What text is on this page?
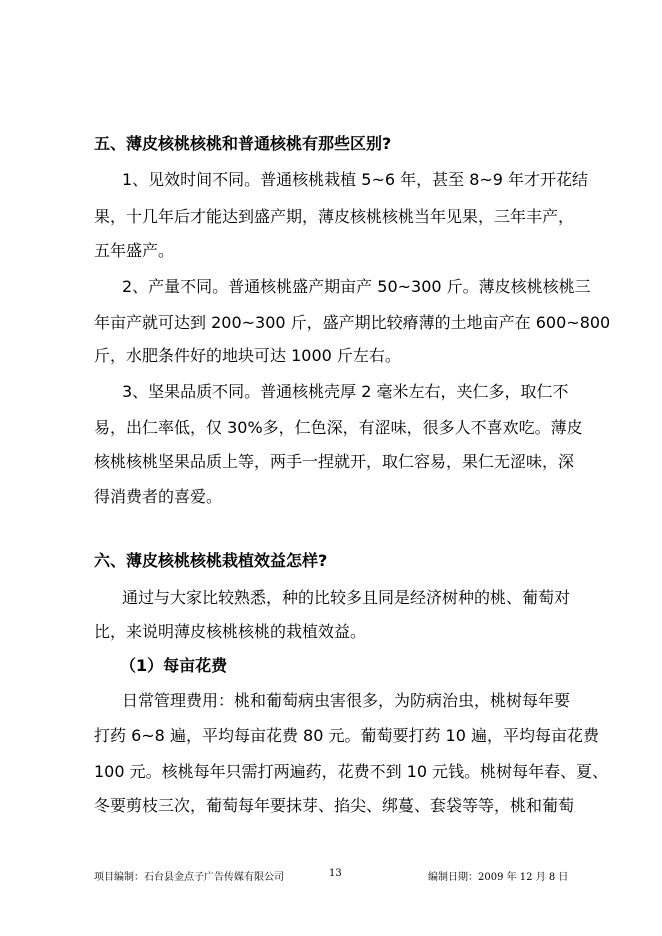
五、薄皮核桃核桃和普通核桃有那些区别?
1、见效时间不同。普通核桃栽植 5~6 年，甚至 8~9 年才开花结
果，十几年后才能达到盛产期，薄皮核桃核桃当年见果，三年丰产，
五年盛产。
2、产量不同。普通核桃盛产期亩产 50~300 斤。薄皮核桃核桃三
年亩产就可达到 200~300 斤，盛产期比较瘠薄的土地亩产在 600~800
斤，水肥条件好的地块可达 1000 斤左右。
3、坚果品质不同。普通核桃壳厚 2 毫米左右，夹仁多，取仁不
易，出仁率低，仅 30%多，仁色深，有涩味，很多人不喜欢吃。薄皮
核桃核桃坚果品质上等，两手一捏就开，取仁容易，果仁无涩味，深
得消费者的喜爱。
六、薄皮核桃核桃栽植效益怎样?
通过与大家比较熟悉，种的比较多且同是经济树种的桃、葡萄对
比，来说明薄皮核桃核桃的栽植效益。
（1）每亩花费
日常管理费用：桃和葡萄病虫害很多，为防病治虫，桃树每年要
打药 6~8 遍，平均每亩花费 80 元。葡萄要打药 10 遍，平均每亩花费
100 元。核桃每年只需打两遍药，花费不到 10 元钱。桃树每年春、夏、
冬要剪枝三次，葡萄每年要抹芽、掐尖、绑蔓、套袋等等，桃和葡萄
项目编制：石台县金点子广告传媒有限公司	13	编制日期：2009 年 12 月 8 日
